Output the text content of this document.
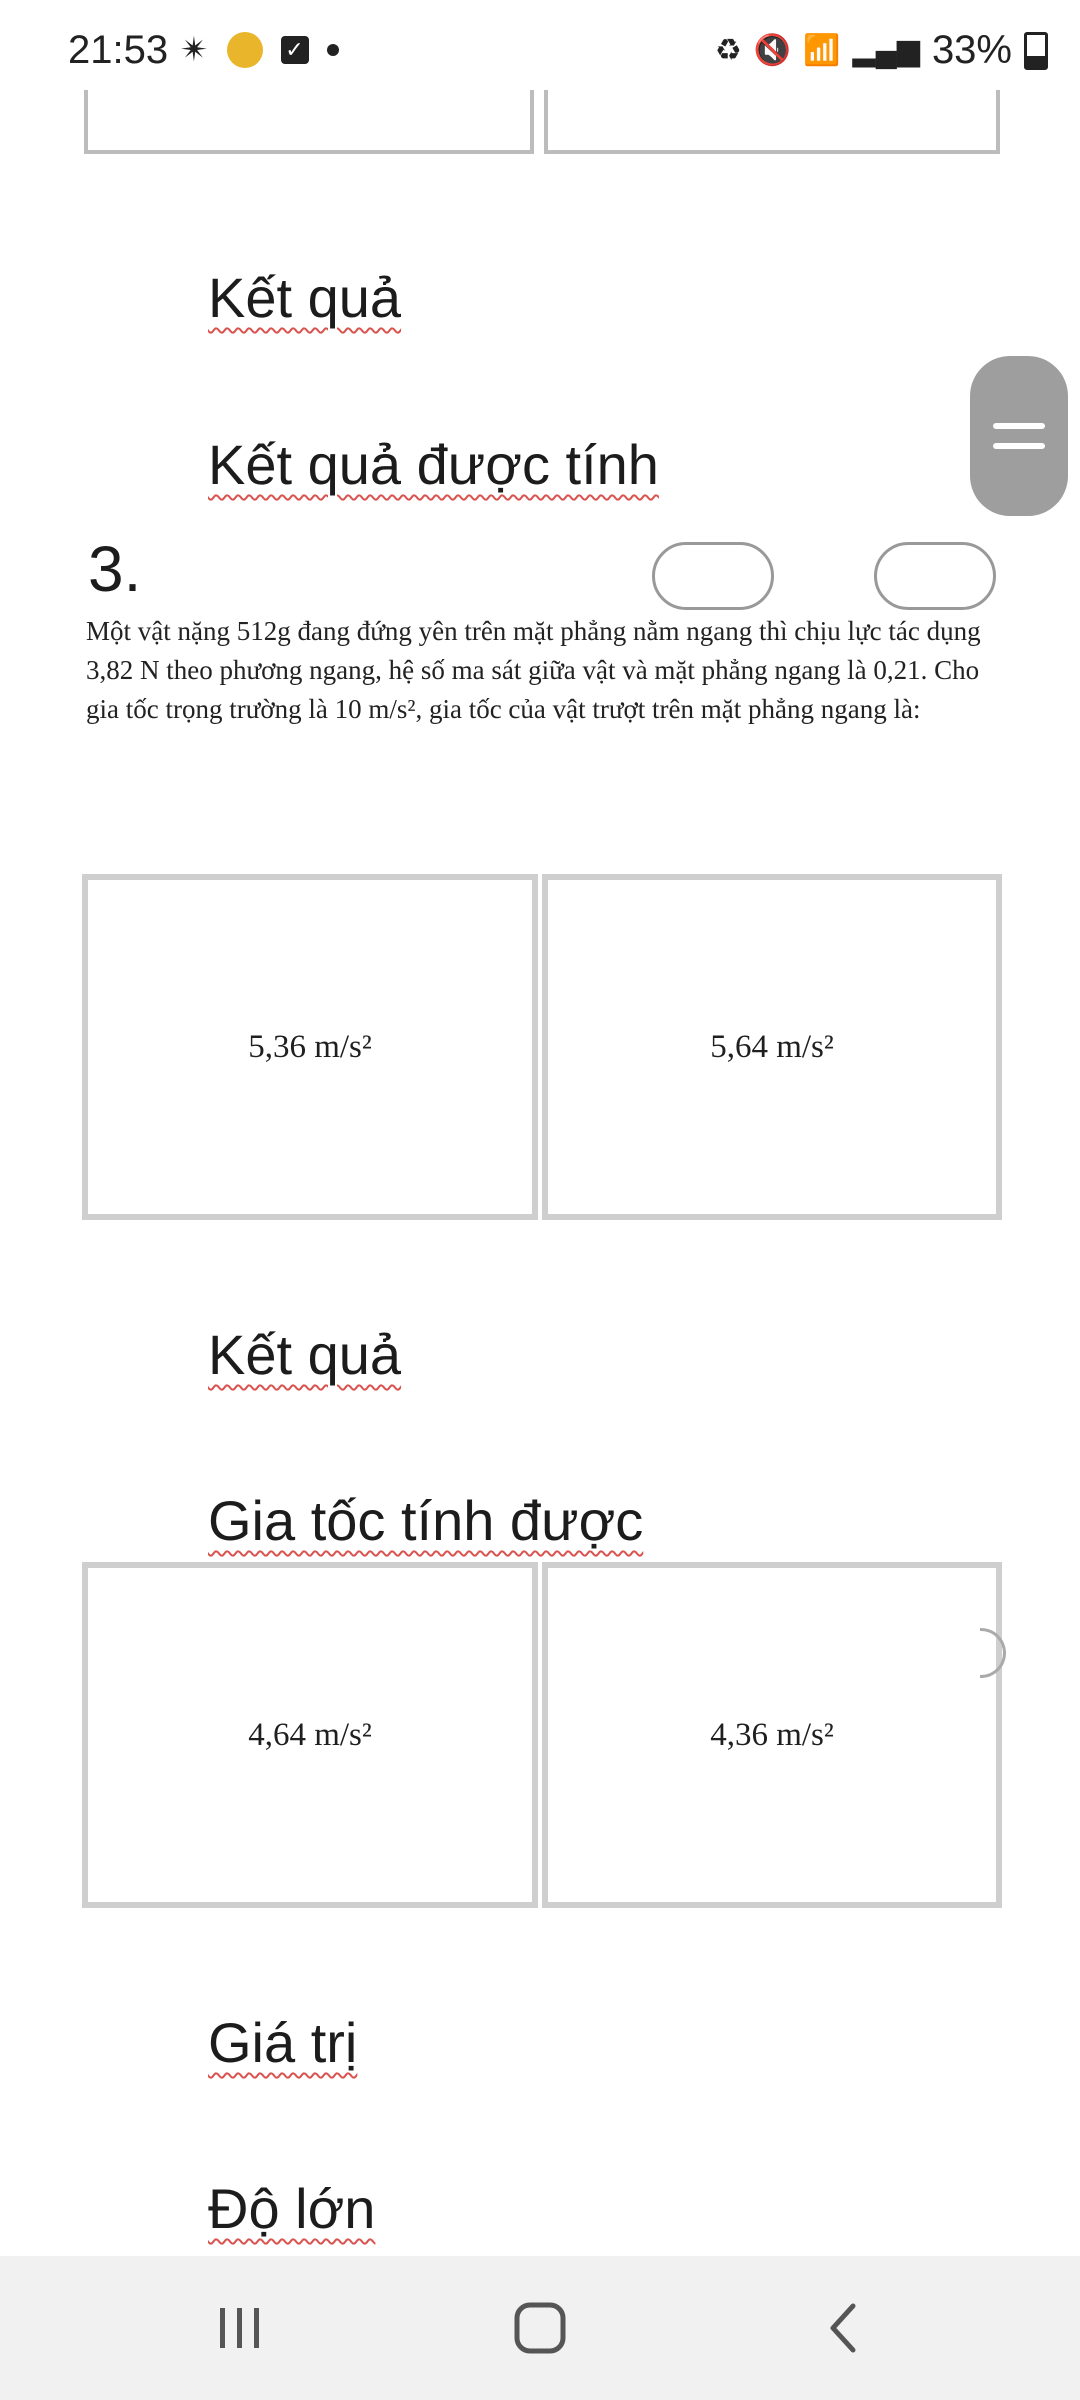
21:53 ✴	✓	♻ 🔇 📶 ▂▄▆ 33%
Kết quả
Kết quả được tính
3.
Một vật nặng 512g đang đứng yên trên mặt phẳng nằm ngang thì chịu lực tác dụng 3,82 N theo phương ngang, hệ số ma sát giữa vật và mặt phẳng ngang là 0,21. Cho gia tốc trọng trường là 10 m/s², gia tốc của vật trượt trên mặt phẳng ngang là:
5,36 m/s²	5,64 m/s²
Kết quả
Gia tốc tính được
4,64 m/s²	4,36 m/s²
Giá trị
Độ lớn
